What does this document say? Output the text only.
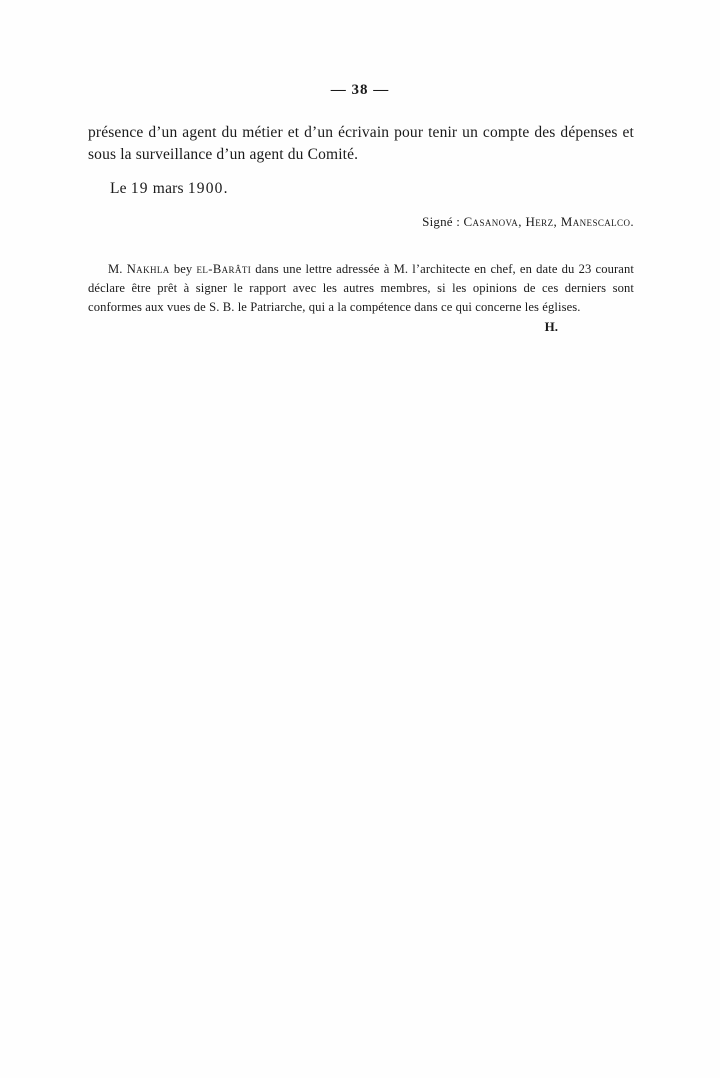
— 38 —

présence d’un agent du métier et d’un écrivain pour tenir un compte des dépenses et sous la surveillance d’un agent du Comité.

Le 19 mars 1900.

Signé : Casanova, Herz, Manescalco.

M. Nakhla bey el-Barâti dans une lettre adressée à M. l’architecte en chef, en date du 23 courant déclare être prêt à signer le rapport avec les autres membres, si les opinions de ces derniers sont conformes aux vues de S. B. le Patriarche, qui a la compétence dans ce qui concerne les églises.

H.
